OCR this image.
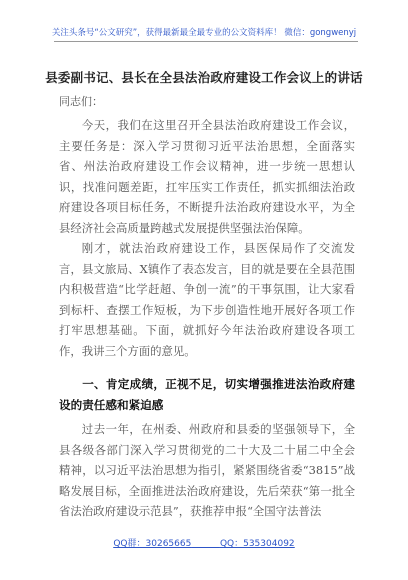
关注头条号“公文研究”，获得最新最全最专业的公文资料库！ 微信：gongwenyj
县委副书记、县长在全县法治政府建设工作会议上的讲话
同志们：

今天，我们在这里召开全县法治政府建设工作会议，主要任务是：深入学习贯彻习近平法治思想，全面落实省、州法治政府建设工作会议精神，进一步统一思想认识，找准问题差距，扛牢压实工作责任，抓实抓细法治政府建设各项目标任务，不断提升法治政府建设水平，为全县经济社会高质量跨越式发展提供坚强法治保障。

刚才，就法治政府建设工作，县医保局作了交流发言，县文旅局、X镇作了表态发言，目的就是要在全县范围内积极营造“比学赶超、争创一流”的干事氛围，让大家看到标杆、查摆工作短板，为下步创造性地开展好各项工作打牢思想基础。下面，就抓好今年法治政府建设各项工作，我讲三个方面的意见。

一、肯定成绩，正视不足，切实增强推进法治政府建设的责任感和紧迫感

过去一年，在州委、州政府和县委的坚强领导下，全县各级各部门深入学习贯彻党的二十大及二十届二中全会精神，以习近平法治思想为指引，紧紧围绕省委“3815”战略发展目标，全面推进法治政府建设，先后荣获“第一批全省法治政府建设示范县”，获推荐申报“全国守法普法

QQ群：30265665	QQ：535304092
